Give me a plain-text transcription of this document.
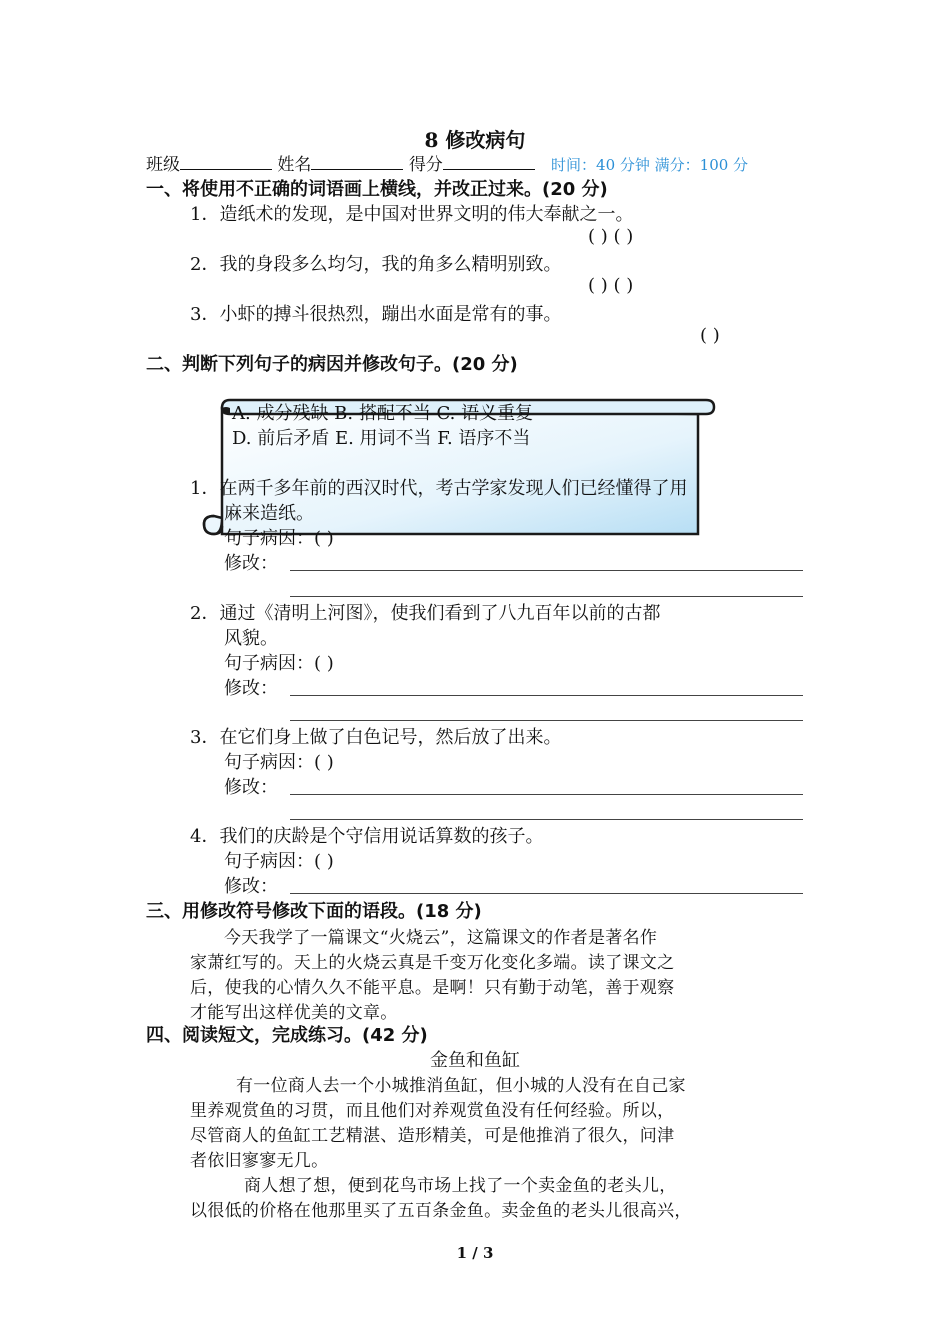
8 修改病句
班级	姓名	得分	时间：40 分钟 满分：100 分
一、将使用不正确的词语画上横线，并改正过来。(20 分)
1．造纸术的发现，是中国对世界文明的伟大奉献之一。
( ) ( )
2．我的身段多么均匀，我的角多么精明别致。
( ) ( )
3．小虾的搏斗很热烈，蹦出水面是常有的事。
( )
二、判断下列句子的病因并修改句子。(20 分)
A. 成分残缺 B. 搭配不当 C. 语义重复
D. 前后矛盾 E. 用词不当 F. 语序不当
1．在两千多年前的西汉时代，考古学家发现人们已经懂得了用
麻来造纸。
句子病因：( )
修改：
2．通过《清明上河图》，使我们看到了八九百年以前的古都
风貌。
句子病因：( )
修改：
3．在它们身上做了白色记号，然后放了出来。
句子病因：( )
修改：
4．我们的庆龄是个守信用说话算数的孩子。
句子病因：( )
修改：
三、用修改符号修改下面的语段。(18 分)
今天我学了一篇课文“火烧云”，这篇课文的作者是著名作
家萧红写的。天上的火烧云真是千变万化变化多端。读了课文之
后，使我的心情久久不能平息。是啊！只有勤于动笔，善于观察
才能写出这样优美的文章。
四、阅读短文，完成练习。(42 分)
金鱼和鱼缸
有一位商人去一个小城推消鱼缸，但小城的人没有在自己家
里养观赏鱼的习贯，而且他们对养观赏鱼没有任何经验。所以，
尽管商人的鱼缸工艺精湛、造形精美，可是他推消了很久，问津
者依旧寥寥无几。
商人想了想，便到花鸟市场上找了一个卖金鱼的老头儿，
以很低的价格在他那里买了五百条金鱼。卖金鱼的老头儿很高兴，
1 / 3
